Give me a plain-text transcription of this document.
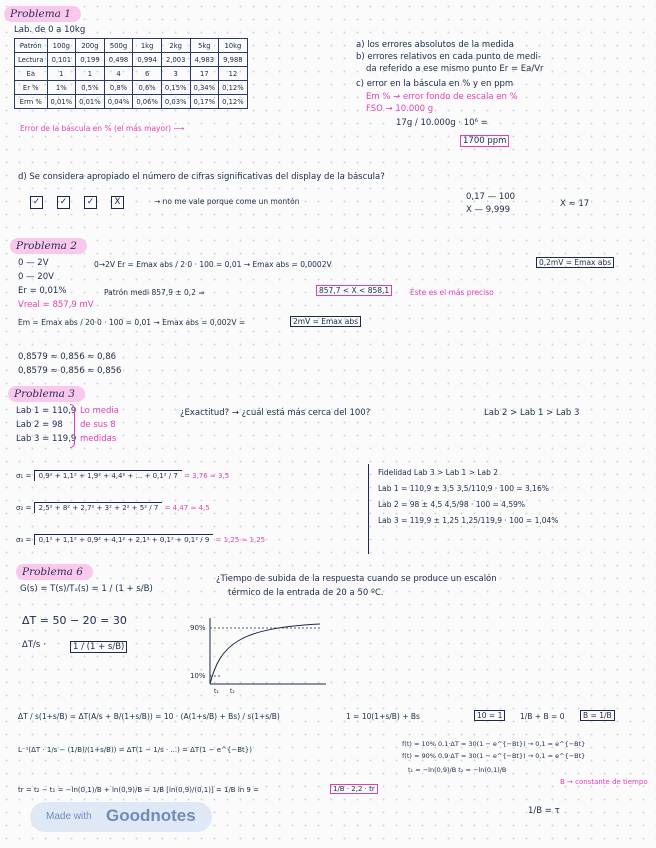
Problema 1
Lab. de 0 a 10kg
Patrón	100g	200g	500g	1kg	2kg	5kg	10kg
Lectura	0,101	0,199	0,498	0,994	2,003	4,983	9,988
Ea	1	1	4	6	3	17	12
Er %	1%	0,5%	0,8%	0,6%	0,15%	0,34%	0,12%
Erm %	0,01%	0,01%	0,04%	0,06%	0,03%	0,17%	0,12%
a) los errores absolutos de la medida
b) errores relativos en cada punto de medi-
da referido a ese mismo punto Er = Ea/Vr
c) error en la báscula en % y en ppm
Em % → error fondo de escala en %
FSO → 10.000 g
Error de la báscula en % (el más mayor) ⟶
17g / 10.000g · 10⁶ =
1700 ppm
d) Se considera apropiado el número de cifras significativas del display de la báscula?
✓ ✓ ✓ X	→ no me vale porque come un montón	0,17 — 100
X — 9,999
X ≈ 17
Problema 2
0 — 2V
0 — 20V
Er = 0,01%
Vreal = 857,9 mV
0→2V Er = Emax abs / 2·0 · 100 = 0,01 → Emax abs = 0,0002V	0,2mV = Emax abs
Patrón medi 857,9 ± 0,2 ⇒	857,7 < X < 858,1	Éste es el más preciso
Em = Emax abs / 20·0 · 100 = 0,01 → Emax abs = 0,002V =	2mV = Emax abs
0,8579 ≈ 0,856 ≈ 0,86
0,8579 ≈ 0,856 ≈ 0,856
Problema 3
Lab 1 = 110,9
Lab 2 = 98
Lab 3 = 119,9
Lo media
de sus 8
medidas
¿Exactitud? → ¿cuál está más cerca del 100?	Lab 2 > Lab 1 > Lab 3
σ₁ = 0,9² + 1,1² + 1,9² + 4,4² + ... + 0,1² / 7 = 3,76 ≈ 3,5
σ₂ = 2,5² + 8² + 2,7² + 3² + 2² + 5² / 7 = 4,47 ≈ 4,5
σ₃ = 0,1² + 1,1² + 0,9² + 4,1² + 2,1² + 0,1² + 0,1² / 9 = 1,25 ≈ 1,25
Fidelidad Lab 3 > Lab 1 > Lab 2
Lab 1 = 110,9 ± 3,5 3,5/110,9 · 100 = 3,16%
Lab 2 = 98 ± 4,5 4,5/98 · 100 = 4,59%
Lab 3 = 119,9 ± 1,25 1,25/119,9 · 100 = 1,04%
Problema 6
G(s) = T(s)/Tₐ(s) = 1 / (1 + s/B)
¿Tiempo de subida de la respuesta cuando se produce un escalón
térmico de la entrada de 20 a 50 ºC.
ΔT = 50 − 20 = 30
ΔT/s ·	1 / (1 + s/B)
90%
10%
t₁ t₂
ΔT / s(1+s/B) = ΔT(A/s + B/(1+s/B)) = 10 · (A(1+s/B) + Bs) / s(1+s/B)	1 = 10(1+s/B) + Bs	10 = 1	1/B + B = 0	B = 1/B
L⁻¹(ΔT · 1/s − (1/B)/(1+s/B)) = ΔT(1 − 1/s · ...) = ΔT(1 − e^{−Bt})
f(t) = 10% 0,1·ΔT = 30(1 − e^{−Bt}) → 0,1 = e^{−Bt}
f(t) = 90% 0,9·ΔT = 30(1 − e^{−Bt}) → 0,1 = e^{−Bt}
t₁ = −ln(0,9)/B t₂ = −ln(0,1)/B
B → constante de tiempo
tr = t₂ − t₁ = −ln(0,1)/B + ln(0,9)/B = 1/B [ln(0,9)/(0,1)] = 1/B ln 9 =	1/B · 2,2 · tr
1/B = τ
Made with Goodnotes
